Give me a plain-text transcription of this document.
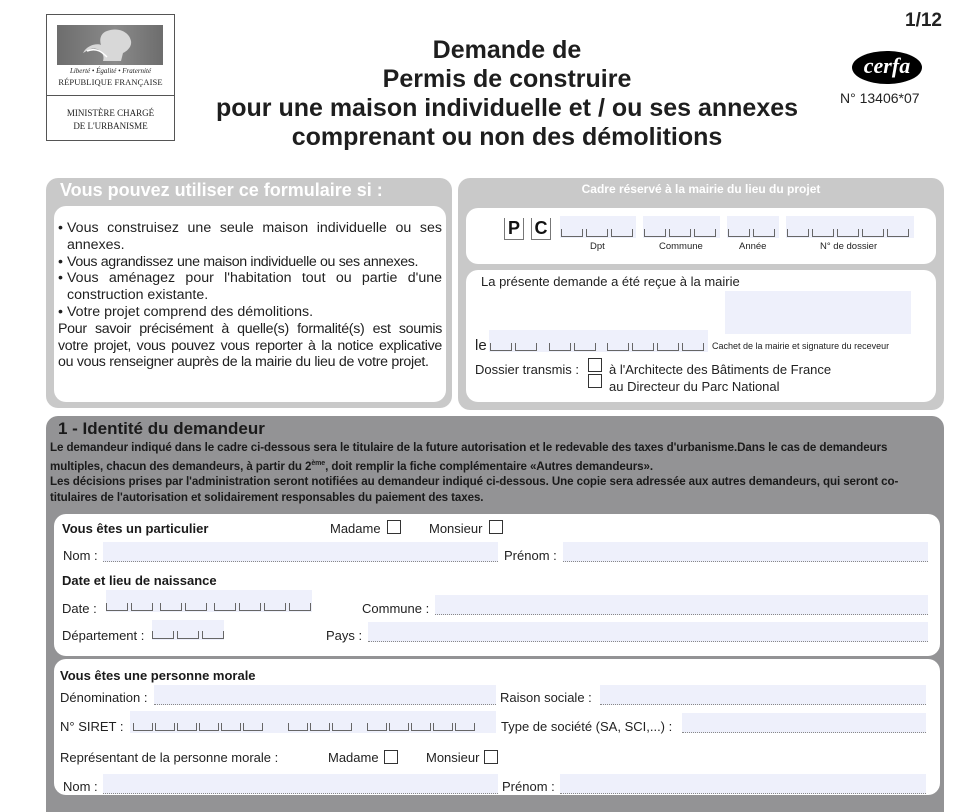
Liberté • Égalité • Fraternité
RÉPUBLIQUE FRANÇAISE
MINISTÈRE CHARGÉ
DE L'URBANISME
Demande de
Permis de construire
pour une maison individuelle et / ou ses annexes
comprenant ou non des démolitions
1/12
cerfa
N° 13406*07
Vous pouvez utiliser ce formulaire si :
• Vous construisez une seule maison individuelle ou ses annexes.
• Vous agrandissez une maison individuelle ou ses annexes.
• Vous aménagez pour l'habitation tout ou partie d'une construction existante.
• Votre projet comprend des démolitions.
Pour savoir précisément à quelle(s) formalité(s) est soumis votre projet, vous pouvez vous reporter à la notice explicative ou vous renseigner auprès de la mairie du lieu de votre projet.
Cadre réservé à la mairie du lieu du projet
P C
Dpt	Commune	Année	N° de dossier
La présente demande a été reçue à la mairie
le	Cachet de la mairie et signature du receveur
Dossier transmis : à l'Architecte des Bâtiments de France
au Directeur du Parc National
1 - Identité du demandeur
Le demandeur indiqué dans le cadre ci-dessous sera le titulaire de la future autorisation et le redevable des taxes d'urbanisme.Dans le cas de demandeurs multiples, chacun des demandeurs, à partir du 2ème, doit remplir la fiche complémentaire «Autres demandeurs».
Les décisions prises par l'administration seront notifiées au demandeur indiqué ci-dessous. Une copie sera adressée aux autres demandeurs, qui seront co-titulaires de l'autorisation et solidairement responsables du paiement des taxes.
Vous êtes un particulier	Madame	Monsieur
Nom :	Prénom :
Date et lieu de naissance
Date :	Commune :
Département :	Pays :
Vous êtes une personne morale
Dénomination :	Raison sociale :
N° SIRET :	Type de société (SA, SCI,...) :
Représentant de la personne morale :	Madame	Monsieur
Nom :	Prénom :
